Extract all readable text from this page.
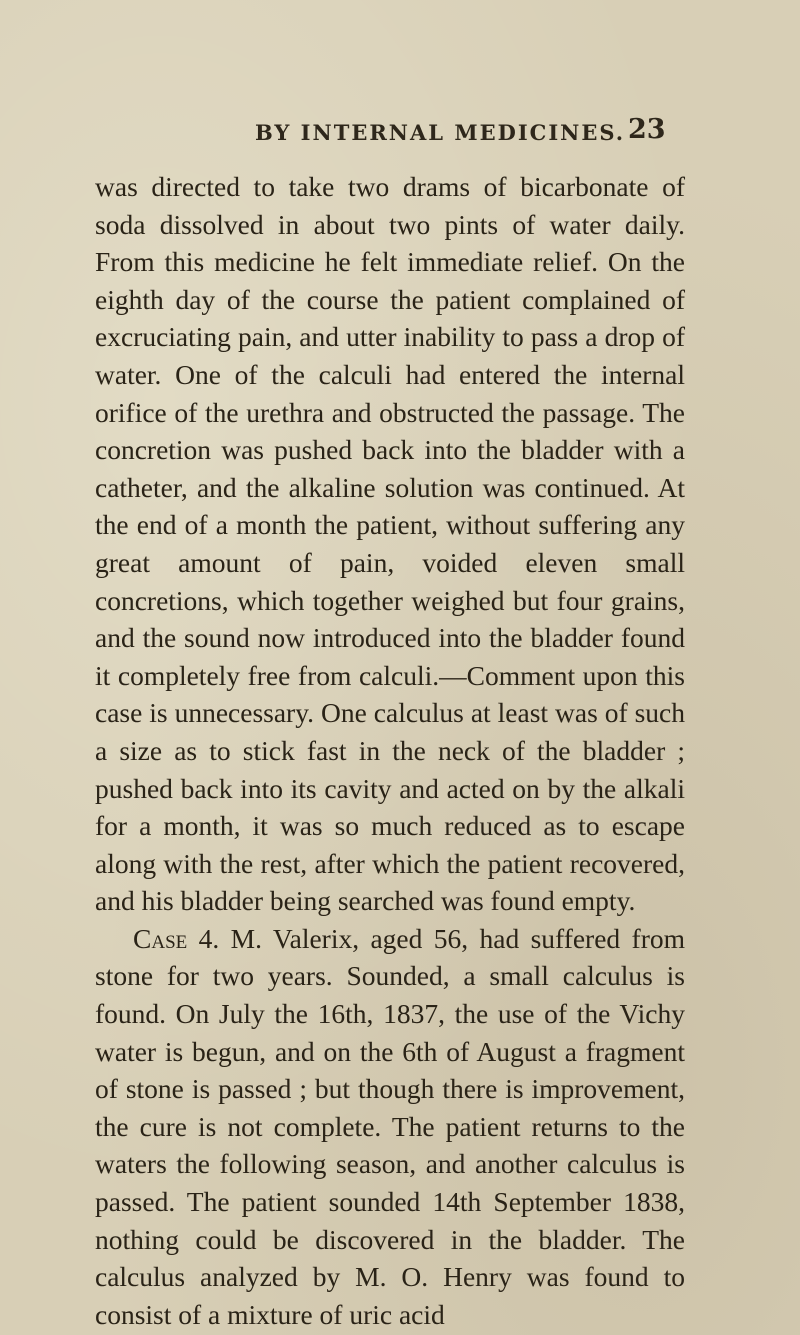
BY INTERNAL MEDICINES. 23

was directed to take two drams of bicarbonate of soda dissolved in about two pints of water daily. From this medicine he felt immediate relief. On the eighth day of the course the patient complained of excruciating pain, and utter inability to pass a drop of water. One of the calculi had entered the internal orifice of the urethra and obstructed the passage. The concretion was pushed back into the bladder with a catheter, and the alkaline solution was continued. At the end of a month the patient, without suffering any great amount of pain, voided eleven small concretions, which together weighed but four grains, and the sound now introduced into the bladder found it completely free from calculi.—Comment upon this case is unnecessary. One calculus at least was of such a size as to stick fast in the neck of the bladder ; pushed back into its cavity and acted on by the alkali for a month, it was so much reduced as to escape along with the rest, after which the patient recovered, and his bladder being searched was found empty.

Case 4. M. Valerix, aged 56, had suffered from stone for two years. Sounded, a small calculus is found. On July the 16th, 1837, the use of the Vichy water is begun, and on the 6th of August a fragment of stone is passed ; but though there is improvement, the cure is not complete. The patient returns to the waters the following season, and another calculus is passed. The patient sounded 14th September 1838, nothing could be discovered in the bladder. The calculus analyzed by M. O. Henry was found to consist of a mixture of uric acid
